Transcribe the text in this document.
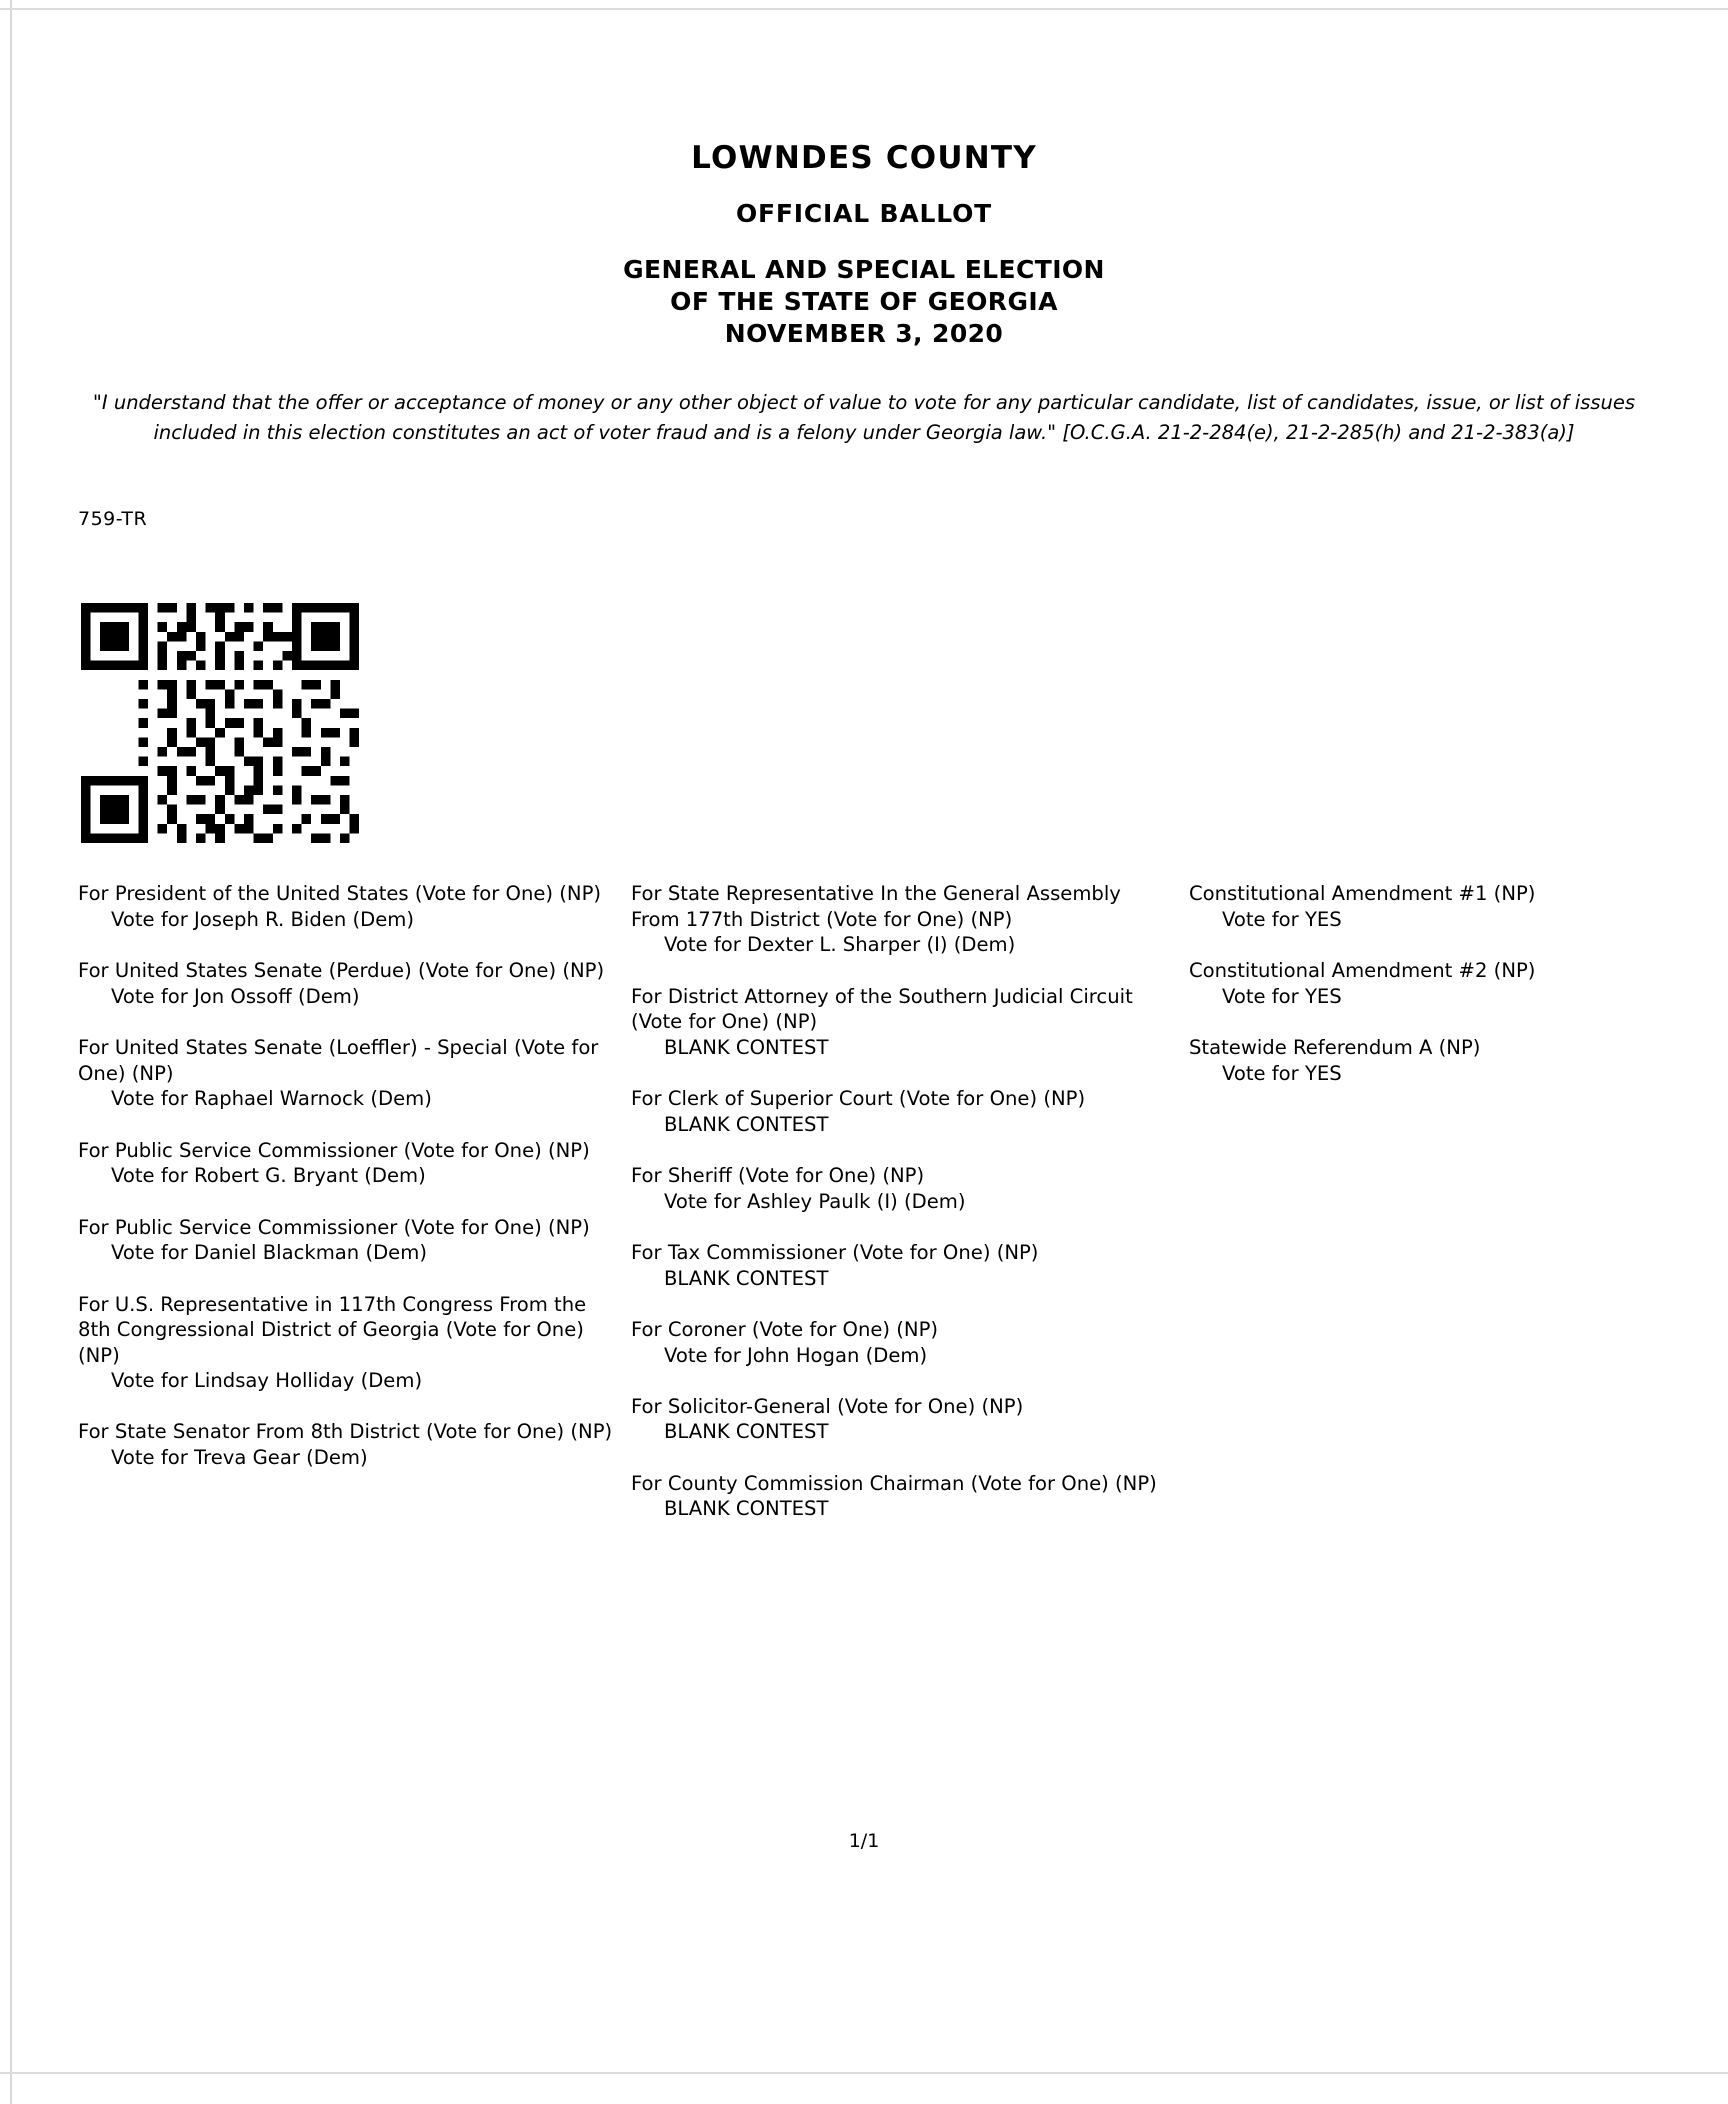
LOWNDES COUNTY
OFFICIAL BALLOT
GENERAL AND SPECIAL ELECTION
OF THE STATE OF GEORGIA
NOVEMBER 3, 2020
"I understand that the offer or acceptance of money or any other object of value to vote for any particular candidate, list of candidates, issue, or list of issues included in this election constitutes an act of voter fraud and is a felony under Georgia law." [O.C.G.A. 21-2-284(e), 21-2-285(h) and 21-2-383(a)]
759-TR
For President of the United States (Vote for One) (NP)
Vote for Joseph R. Biden (Dem)
For United States Senate (Perdue) (Vote for One) (NP)
Vote for Jon Ossoff (Dem)
For United States Senate (Loeffler) - Special (Vote for One) (NP)
Vote for Raphael Warnock (Dem)
For Public Service Commissioner (Vote for One) (NP)
Vote for Robert G. Bryant (Dem)
For Public Service Commissioner (Vote for One) (NP)
Vote for Daniel Blackman (Dem)
For U.S. Representative in 117th Congress From the 8th Congressional District of Georgia (Vote for One) (NP)
Vote for Lindsay Holliday (Dem)
For State Senator From 8th District (Vote for One) (NP)
Vote for Treva Gear (Dem)
For State Representative In the General Assembly From 177th District (Vote for One) (NP)
Vote for Dexter L. Sharper (I) (Dem)
For District Attorney of the Southern Judicial Circuit (Vote for One) (NP)
BLANK CONTEST
For Clerk of Superior Court (Vote for One) (NP)
BLANK CONTEST
For Sheriff (Vote for One) (NP)
Vote for Ashley Paulk (I) (Dem)
For Tax Commissioner (Vote for One) (NP)
BLANK CONTEST
For Coroner (Vote for One) (NP)
Vote for John Hogan (Dem)
For Solicitor-General (Vote for One) (NP)
BLANK CONTEST
For County Commission Chairman (Vote for One) (NP)
BLANK CONTEST
Constitutional Amendment #1 (NP)
Vote for YES
Constitutional Amendment #2 (NP)
Vote for YES
Statewide Referendum A (NP)
Vote for YES
1/1
